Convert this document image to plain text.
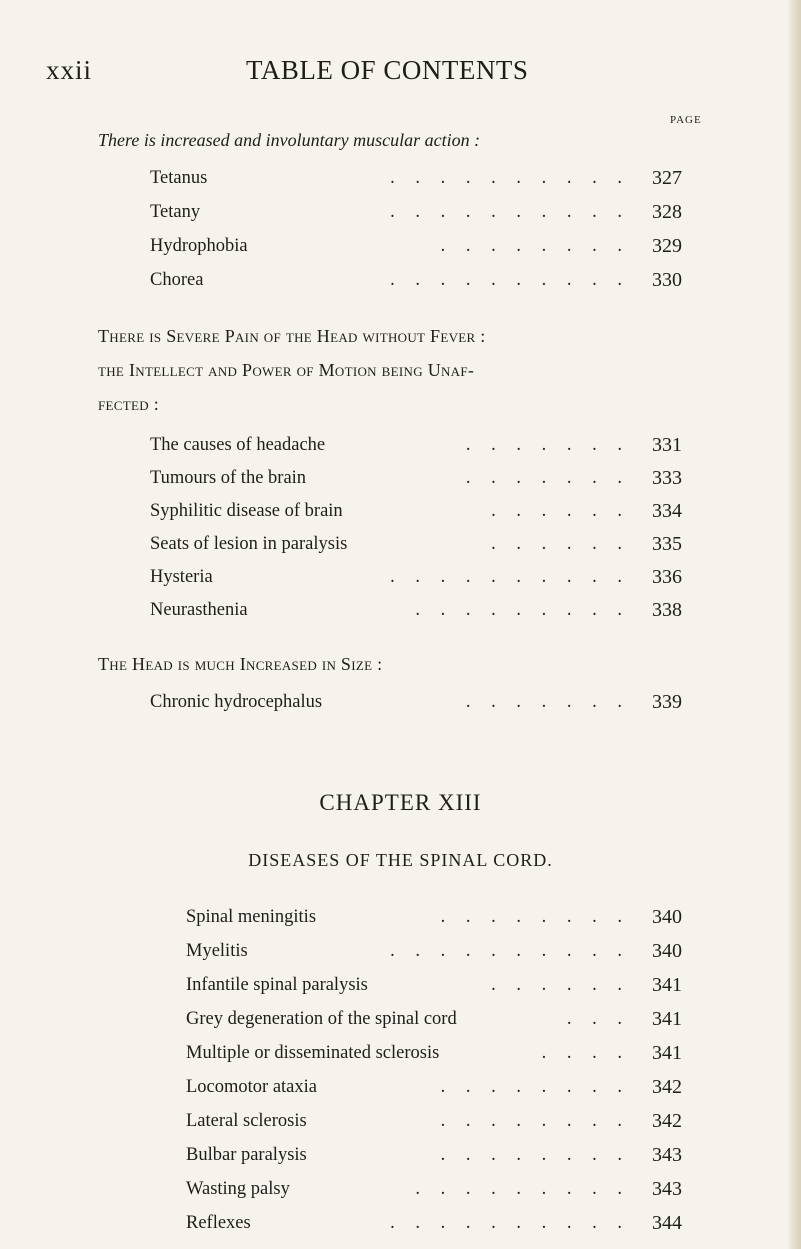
xxii	TABLE OF CONTENTS
PAGE
There is increased and involuntary muscular action :
Tetanus	. . . . . . . . . . 327
Tetany	. . . . . . . . . . 328
Hydrophobia	. . . . . . . . 329
Chorea	. . . . . . . . . . 330
There is Severe Pain of the Head without Fever :
the Intellect and Power of Motion being Unaf-
fected :
The causes of headache	. . . . . . . 331
Tumours of the brain	. . . . . . . 333
Syphilitic disease of brain	. . . . . . 334
Seats of lesion in paralysis	. . . . . . 335
Hysteria	. . . . . . . . . . 336
Neurasthenia	. . . . . . . . . 338
The Head is much Increased in Size :
Chronic hydrocephalus	. . . . . . . 339
CHAPTER XIII
DISEASES OF THE SPINAL CORD.
Spinal meningitis	. . . . . . . . 340
Myelitis	. . . . . . . . . . 340
Infantile spinal paralysis	. . . . . . 341
Grey degeneration of the spinal cord	. . . 341
Multiple or disseminated sclerosis	. . . . 341
Locomotor ataxia	. . . . . . . . 342
Lateral sclerosis	. . . . . . . . 342
Bulbar paralysis	. . . . . . . . 343
Wasting palsy	. . . . . . . . . 343
Reflexes	. . . . . . . . . . 344
